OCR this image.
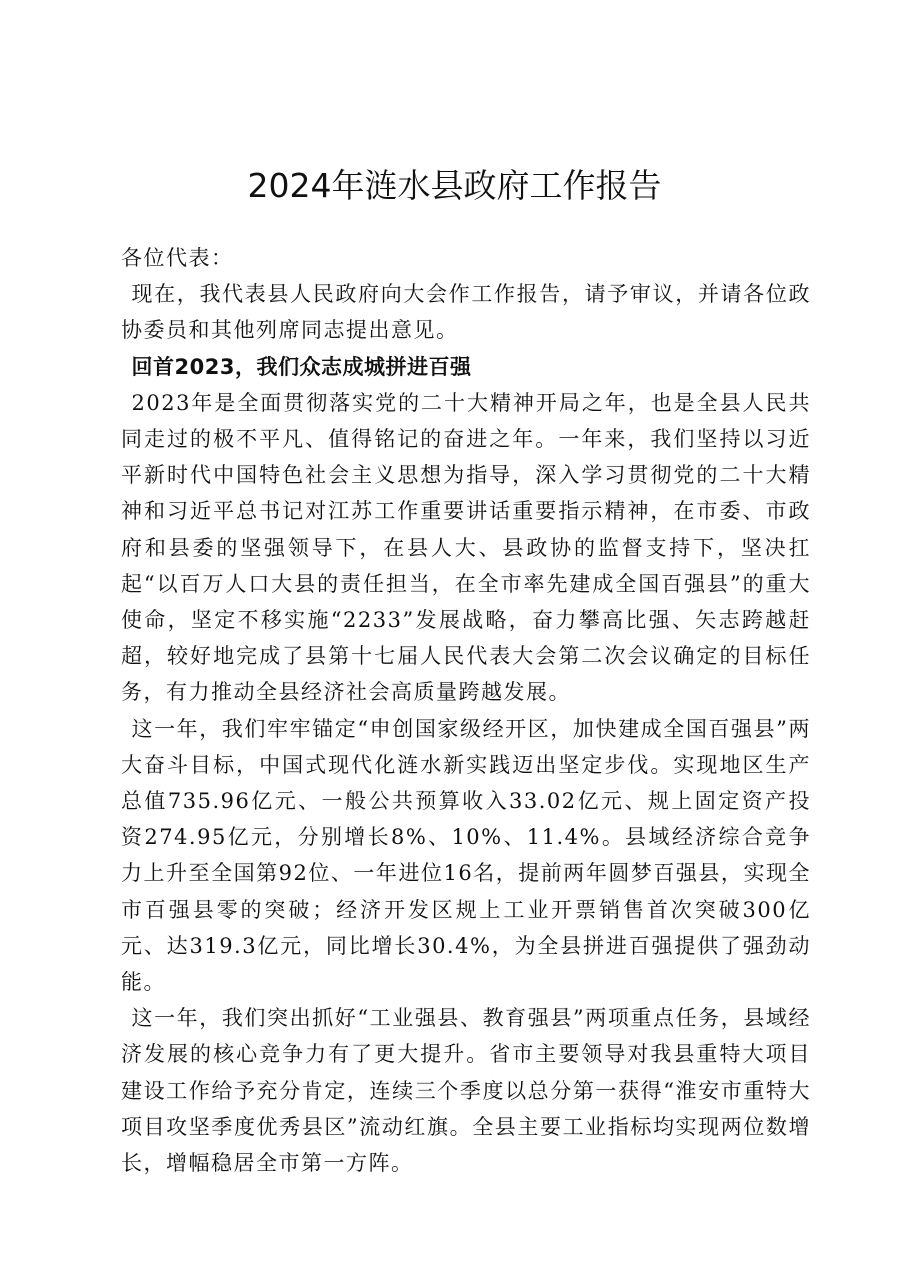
2024年涟水县政府工作报告

各位代表：

现在，我代表县人民政府向大会作工作报告，请予审议，并请各位政协委员和其他列席同志提出意见。

回首2023，我们众志成城拼进百强

2023年是全面贯彻落实党的二十大精神开局之年，也是全县人民共同走过的极不平凡、值得铭记的奋进之年。一年来，我们坚持以习近平新时代中国特色社会主义思想为指导，深入学习贯彻党的二十大精神和习近平总书记对江苏工作重要讲话重要指示精神，在市委、市政府和县委的坚强领导下，在县人大、县政协的监督支持下，坚决扛起“以百万人口大县的责任担当，在全市率先建成全国百强县”的重大使命，坚定不移实施“2233”发展战略，奋力攀高比强、矢志跨越赶超，较好地完成了县第十七届人民代表大会第二次会议确定的目标任务，有力推动全县经济社会高质量跨越发展。

这一年，我们牢牢锚定“申创国家级经开区，加快建成全国百强县”两大奋斗目标，中国式现代化涟水新实践迈出坚定步伐。实现地区生产总值735.96亿元、一般公共预算收入33.02亿元、规上固定资产投资274.95亿元，分别增长8%、10%、11.4%。县域经济综合竞争力上升至全国第92位、一年进位16名，提前两年圆梦百强县，实现全市百强县零的突破；经济开发区规上工业开票销售首次突破300亿元、达319.3亿元，同比增长30.4%，为全县拼进百强提供了强劲动能。

这一年，我们突出抓好“工业强县、教育强县”两项重点任务，县域经济发展的核心竞争力有了更大提升。省市主要领导对我县重特大项目建设工作给予充分肯定，连续三个季度以总分第一获得“淮安市重特大项目攻坚季度优秀县区”流动红旗。全县主要工业指标均实现两位数增长，增幅稳居全市第一方阵。
